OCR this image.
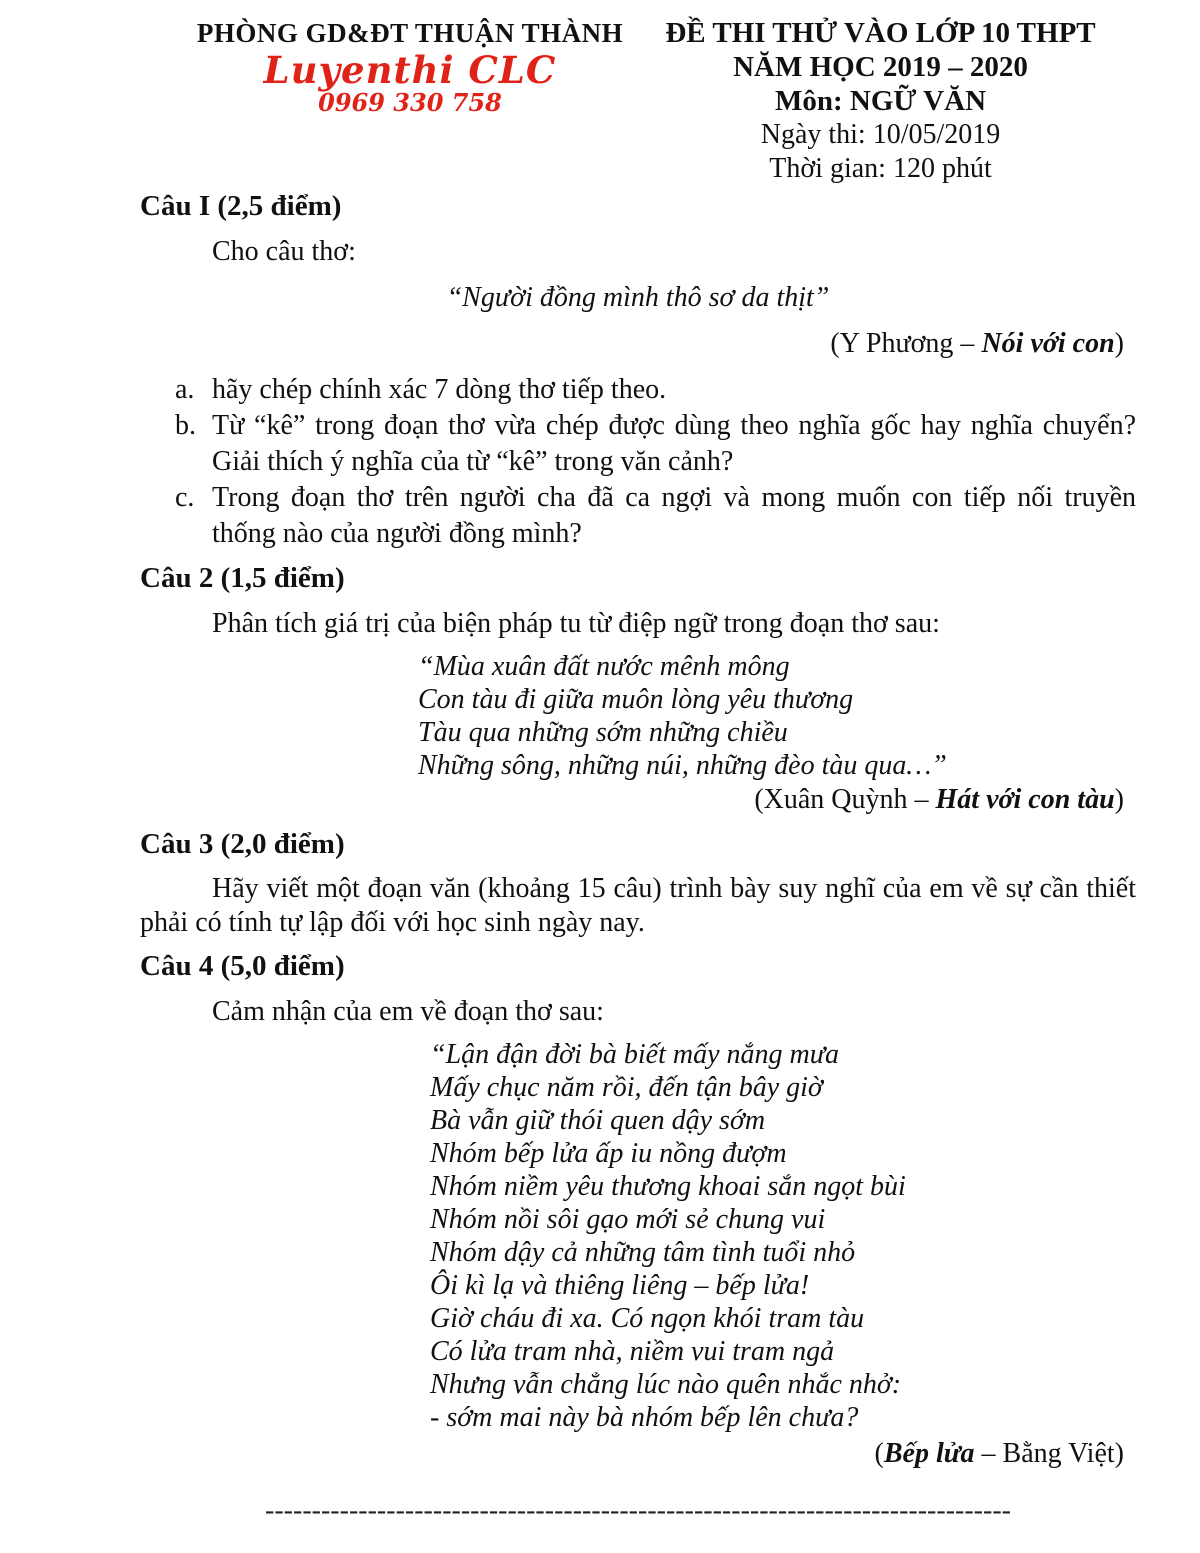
PHÒNG GD&ĐT THUẬN THÀNH
Luyenthi CLC
0969 330 758
ĐỀ THI THỬ VÀO LỚP 10 THPT
NĂM HỌC 2019 – 2020
Môn: NGỮ VĂN
Ngày thi: 10/05/2019
Thời gian: 120 phút
Câu I (2,5 điểm)
Cho câu thơ:
“Người đồng mình thô sơ da thịt”
(Y Phương – Nói với con)
a. hãy chép chính xác 7 dòng thơ tiếp theo.
b. Từ “kê” trong đoạn thơ vừa chép được dùng theo nghĩa gốc hay nghĩa chuyển? Giải thích ý nghĩa của từ “kê” trong văn cảnh?
c. Trong đoạn thơ trên người cha đã ca ngợi và mong muốn con tiếp nối truyền thống nào của người đồng mình?
Câu 2 (1,5 điểm)
Phân tích giá trị của biện pháp tu từ điệp ngữ trong đoạn thơ sau:
“Mùa xuân đất nước mênh mông
Con tàu đi giữa muôn lòng yêu thương
Tàu qua những sớm những chiều
Những sông, những núi, những đèo tàu qua…”
(Xuân Quỳnh – Hát với con tàu)
Câu 3 (2,0 điểm)
Hãy viết một đoạn văn (khoảng 15 câu) trình bày suy nghĩ của em về sự cần thiết phải có tính tự lập đối với học sinh ngày nay.
Câu 4 (5,0 điểm)
Cảm nhận của em về đoạn thơ sau:
“Lận đận đời bà biết mấy nắng mưa
Mấy chục năm rồi, đến tận bây giờ
Bà vẫn giữ thói quen dậy sớm
Nhóm bếp lửa ấp iu nồng đượm
Nhóm niềm yêu thương khoai sắn ngọt bùi
Nhóm nồi sôi gạo mới sẻ chung vui
Nhóm dậy cả những tâm tình tuổi nhỏ
Ôi kì lạ và thiêng liêng – bếp lửa!
Giờ cháu đi xa. Có ngọn khói tram tàu
Có lửa tram nhà, niềm vui tram ngả
Nhưng vẫn chẳng lúc nào quên nhắc nhở:
- sớm mai này bà nhóm bếp lên chưa?
(Bếp lửa – Bằng Việt)
--------------------------------------------------------------------------------
